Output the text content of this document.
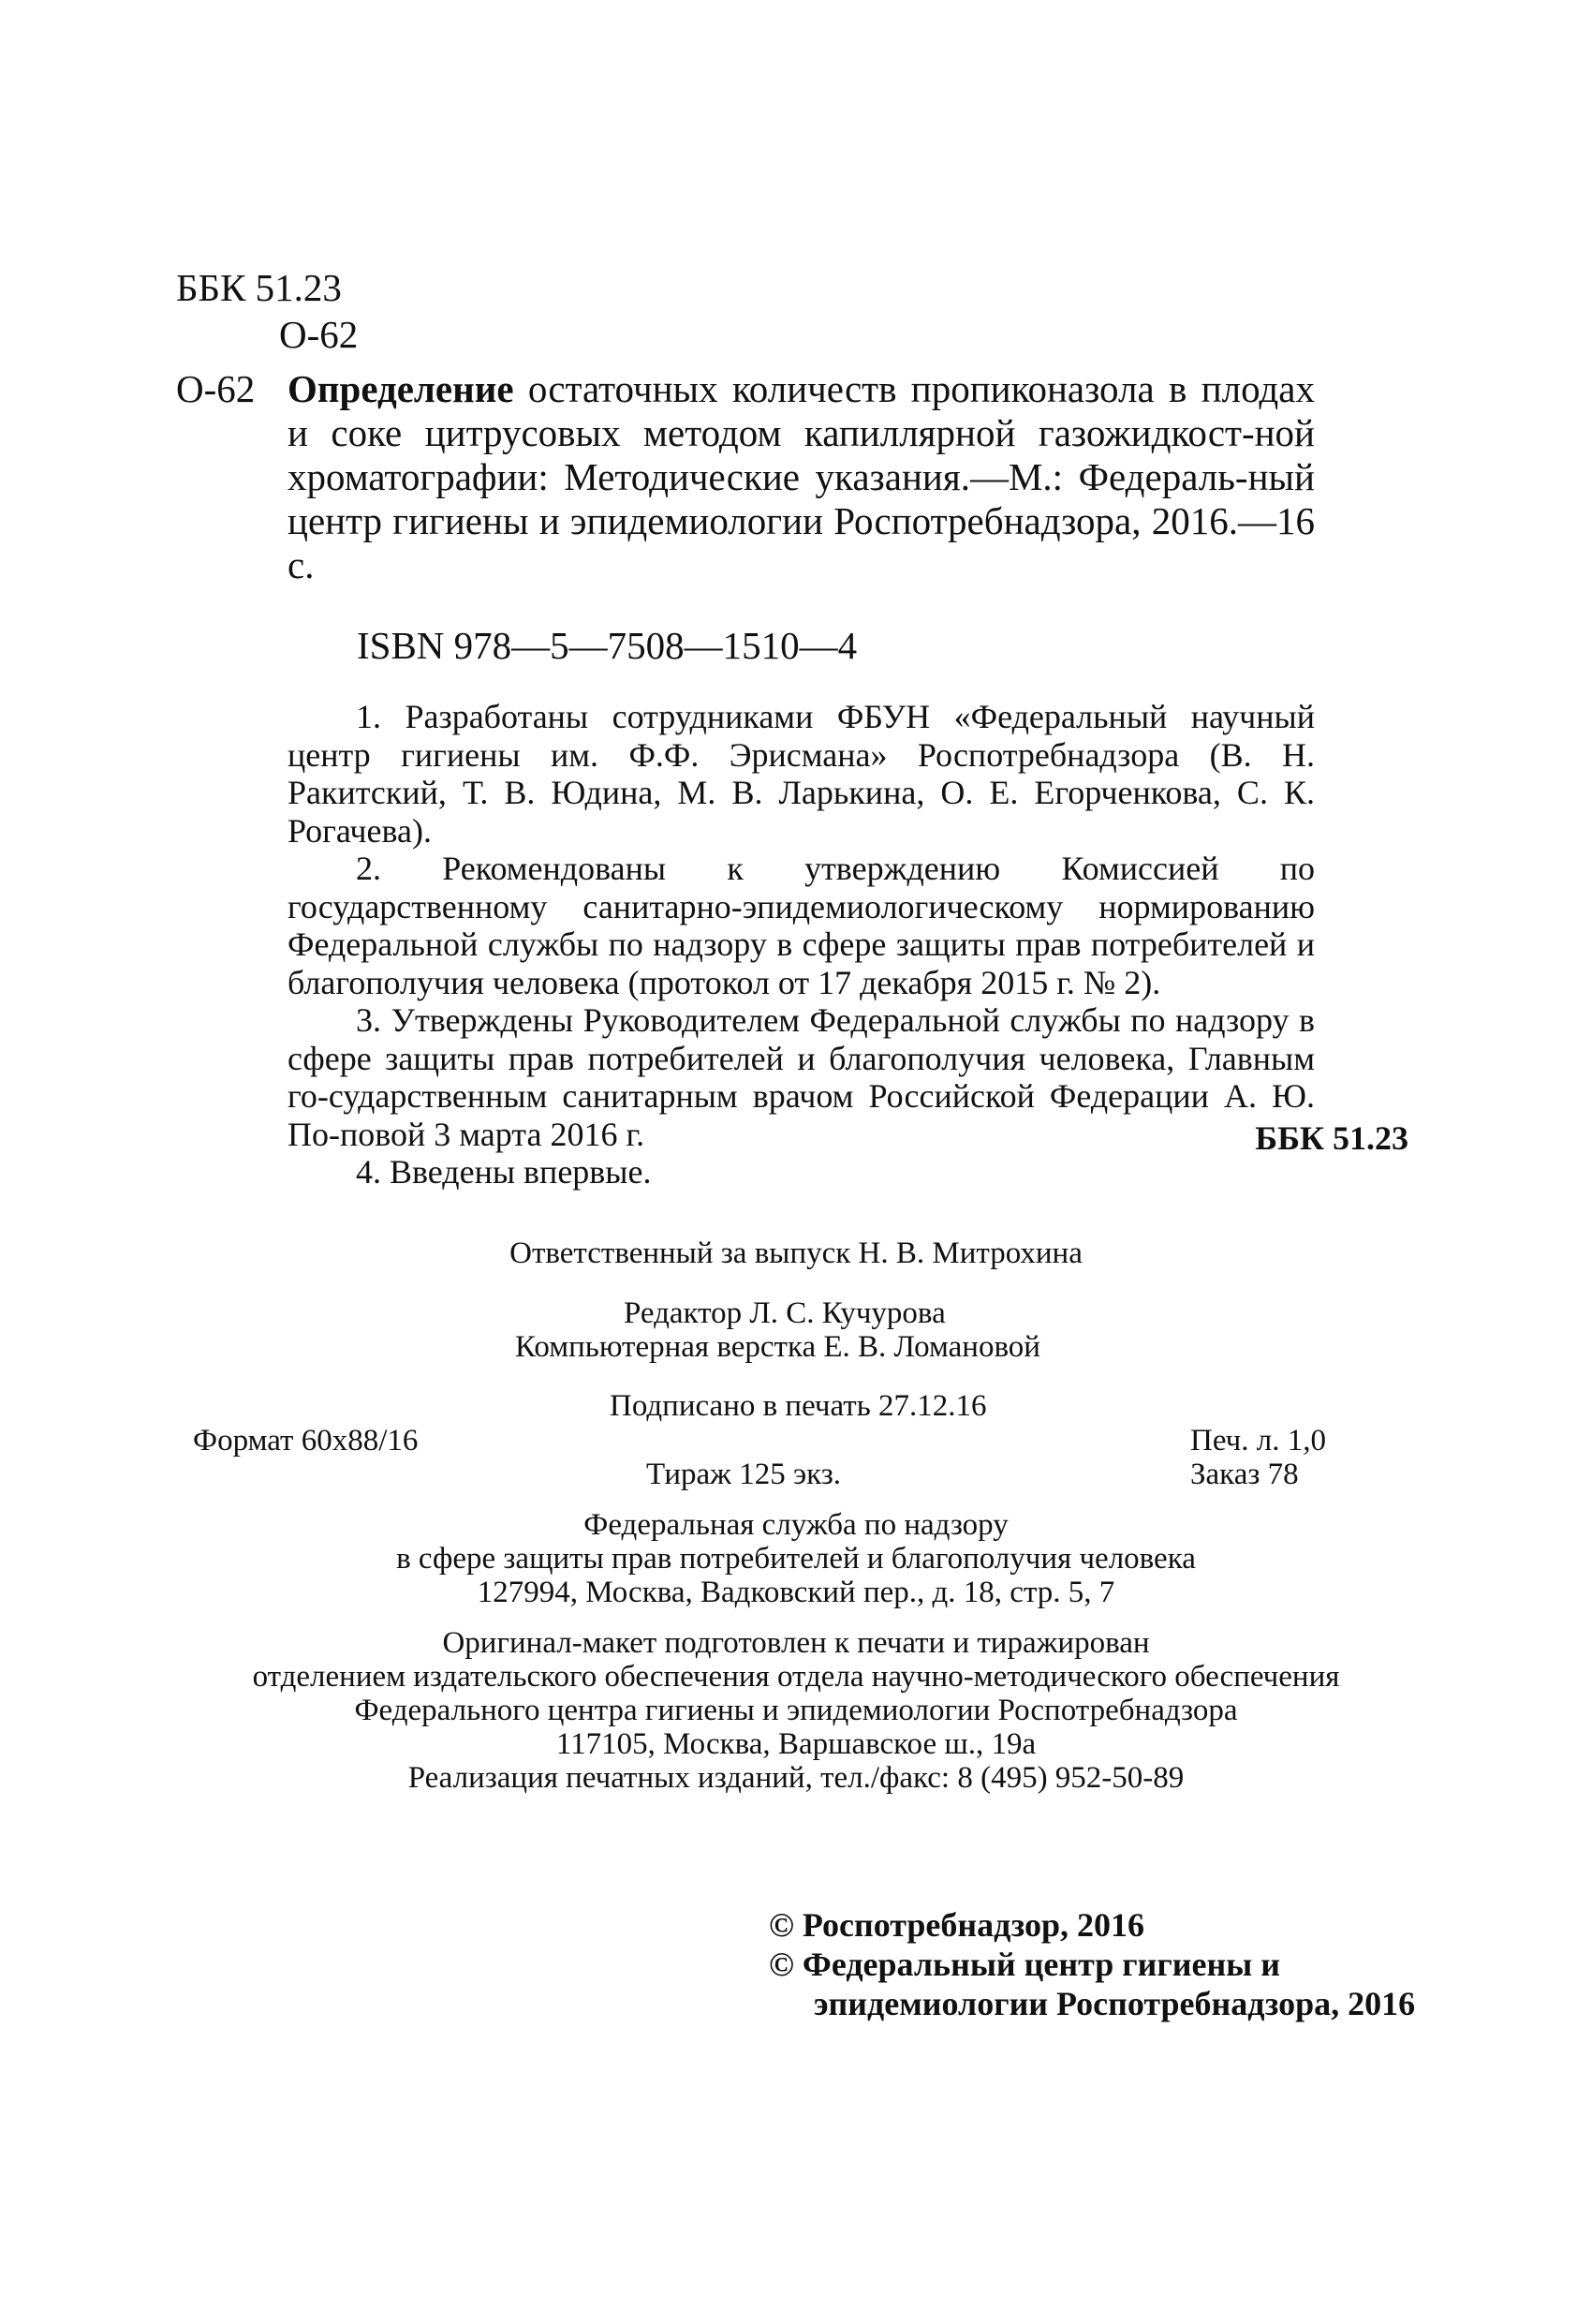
ББК 51.23
О-62
О-62 Определение остаточных количеств пропиконазола в плодах и соке цитрусовых методом капиллярной газожидкост-ной хроматографии: Методические указания.—М.: Федераль-ный центр гигиены и эпидемиологии Роспотребнадзора, 2016.—16 с.
ISBN 978—5—7508—1510—4

1. Разработаны сотрудниками ФБУН «Федеральный научный центр гигиены им. Ф.Ф. Эрисмана» Роспотребнадзора (В. Н. Ракитский, Т. В. Юдина, М. В. Ларькина, О. Е. Егорченкова, С. К. Рогачева).

2. Рекомендованы к утверждению Комиссией по государственному санитарно-эпидемиологическому нормированию Федеральной службы по надзору в сфере защиты прав потребителей и благополучия человека (протокол от 17 декабря 2015 г. № 2).

3. Утверждены Руководителем Федеральной службы по надзору в сфере защиты прав потребителей и благополучия человека, Главным го-сударственным санитарным врачом Российской Федерации А. Ю. По-повой 3 марта 2016 г.

4. Введены впервые.

ББК 51.23
Ответственный за выпуск Н. В. Митрохина
Редактор Л. С. Кучурова
Компьютерная верстка Е. В. Ломановой
Подписано в печать 27.12.16
Формат 60x88/16	Печ. л. 1,0
Тираж 125 экз.	Заказ 78
Федеральная служба по надзору
в сфере защиты прав потребителей и благополучия человека
127994, Москва, Вадковский пер., д. 18, стр. 5, 7
Оригинал-макет подготовлен к печати и тиражирован
отделением издательского обеспечения отдела научно-методического обеспечения
Федерального центра гигиены и эпидемиологии Роспотребнадзора
117105, Москва, Варшавское ш., 19а
Реализация печатных изданий, тел./факс: 8 (495) 952-50-89
© Роспотребнадзор, 2016
© Федеральный центр гигиены и
эпидемиологии Роспотребнадзора, 2016
